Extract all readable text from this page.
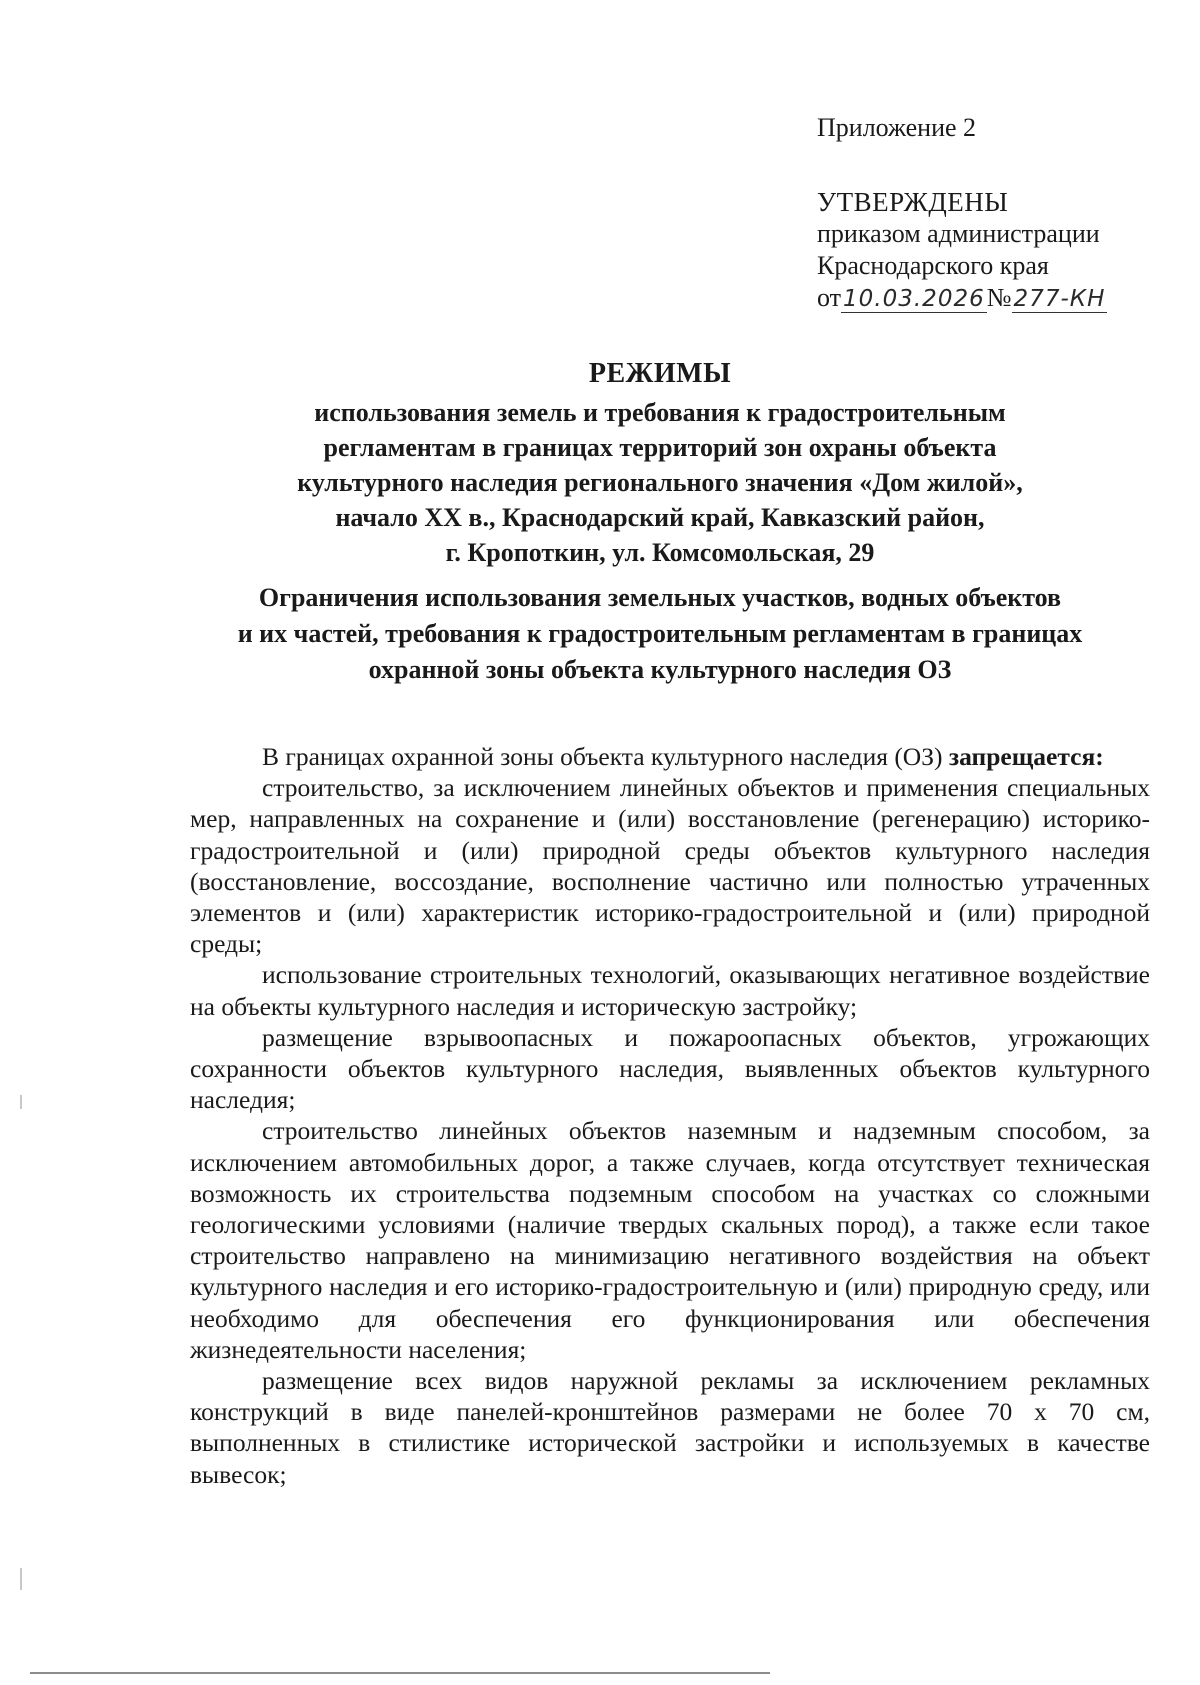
Приложение 2
УТВЕРЖДЕНЫ
приказом администрации
Краснодарского края
от10.03.2026№277-КН
РЕЖИМЫ
использования земель и требования к градостроительным
регламентам в границах территорий зон охраны объекта
культурного наследия регионального значения «Дом жилой»,
начало XX в., Краснодарский край, Кавказский район,
г. Кропоткин, ул. Комсомольская, 29
Ограничения использования земельных участков, водных объектов
и их частей, требования к градостроительным регламентам в границах
охранной зоны объекта культурного наследия ОЗ

В границах охранной зоны объекта культурного наследия (ОЗ) запрещается:

строительство, за исключением линейных объектов и применения специальных мер, направленных на сохранение и (или) восстановление (регенерацию) историко-градостроительной и (или) природной среды объектов культурного наследия (восстановление, воссоздание, восполнение частично или полностью утраченных элементов и (или) характеристик историко-градостроительной и (или) природной среды;

использование строительных технологий, оказывающих негативное воздействие на объекты культурного наследия и историческую застройку;

размещение взрывоопасных и пожароопасных объектов, угрожающих сохранности объектов культурного наследия, выявленных объектов культурного наследия;

строительство линейных объектов наземным и надземным способом, за исключением автомобильных дорог, а также случаев, когда отсутствует техническая возможность их строительства подземным способом на участках со сложными геологическими условиями (наличие твердых скальных пород), а также если такое строительство направлено на минимизацию негативного воздействия на объект культурного наследия и его историко-градостроительную и (или) природную среду, или необходимо для обеспечения его функционирования или обеспечения жизнедеятельности населения;

размещение всех видов наружной рекламы за исключением рекламных конструкций в виде панелей-кронштейнов размерами не более 70 х 70 см, выполненных в стилистике исторической застройки и используемых в качестве вывесок;
